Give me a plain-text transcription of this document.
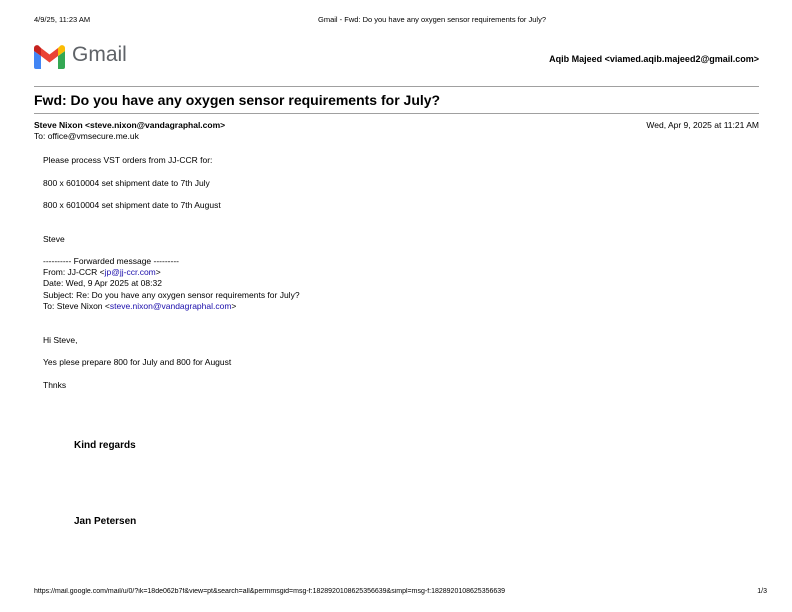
4/9/25, 11:23 AM	Gmail - Fwd: Do you have any oxygen sensor requirements for July?
Gmail	Aqib Majeed <viamed.aqib.majeed2@gmail.com>
Fwd: Do you have any oxygen sensor requirements for July?
Steve Nixon <steve.nixon@vandagraphal.com>	Wed, Apr 9, 2025 at 11:21 AM
To: office@vmsecure.me.uk
Please process VST orders from JJ-CCR for:
800 x 6010004 set shipment date to 7th July
800 x 6010004 set shipment date to 7th August
Steve
---------- Forwarded message ---------
From: JJ-CCR <jp@jj-ccr.com>
Date: Wed, 9 Apr 2025 at 08:32
Subject: Re: Do you have any oxygen sensor requirements for July?
To: Steve Nixon <steve.nixon@vandagraphal.com>
Hi Steve,
Yes plese prepare 800 for July and 800 for August
Thnks
Kind regards
Jan Petersen
https://mail.google.com/mail/u/0/?ik=18de062b7f&view=pt&search=all&permmsgid=msg-f:1828920108625356639&simpl=msg-f:1828920108625356639	1/3
